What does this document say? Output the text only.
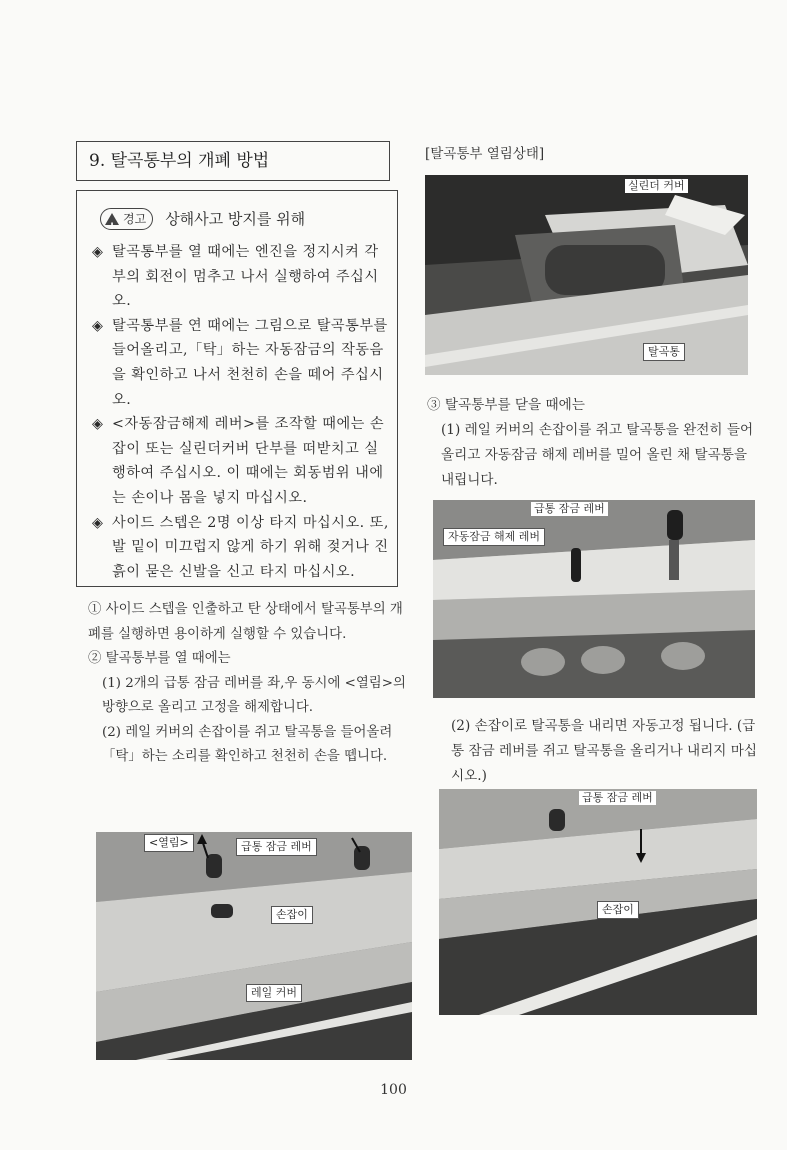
9. 탈곡통부의 개폐 방법
!
경고 상해사고 방지를 위해
◈ 탈곡통부를 열 때에는 엔진을 정지시켜 각부의 회전이 멈추고 나서 실행하여 주십시오.
◈ 탈곡통부를 연 때에는 그림으로 탈곡통부를 들어올리고,「탁」하는 자동잠금의 작동음을 확인하고 나서 천천히 손을 떼어 주십시오.
◈ <자동잠금해제 레버>를 조작할 때에는 손잡이 또는 실린더커버 단부를 떠받치고 실행하여 주십시오. 이 때에는 회동범위 내에는 손이나 몸을 넣지 마십시오.
◈ 사이드 스텝은 2명 이상 타지 마십시오. 또, 발 밑이 미끄럽지 않게 하기 위해 젖거나 진흙이 묻은 신발을 신고 타지 마십시오.
① 사이드 스텝을 인출하고 탄 상태에서 탈곡통부의 개폐를 실행하면 용이하게 실행할 수 있습니다.
② 탈곡통부를 열 때에는
(1) 2개의 급통 잠금 레버를 좌,우 동시에 <열림>의 방향으로 올리고 고정을 해제합니다.
(2) 레일 커버의 손잡이를 쥐고 탈곡통을 들어올려 「탁」하는 소리를 확인하고 천천히 손을 뗍니다.
<열림>	급통 잠금 레버
손잡이
레일 커버
[탈곡통부 열림상태]
실린더 커버
탈곡통
③ 탈곡통부를 닫을 때에는
(1) 레일 커버의 손잡이를 쥐고 탈곡통을 완전히 들어 올리고 자동잠금 해제 레버를 밀어 올린 채 탈곡통을 내립니다.
급통 잠금 레버
자동잠금 해제 레버
(2) 손잡이로 탈곡통을 내리면 자동고정 됩니다. (급통 잠금 레버를 쥐고 탈곡통을 올리거나 내리지 마십시오.)
급통 잠금 레버
손잡이
100
